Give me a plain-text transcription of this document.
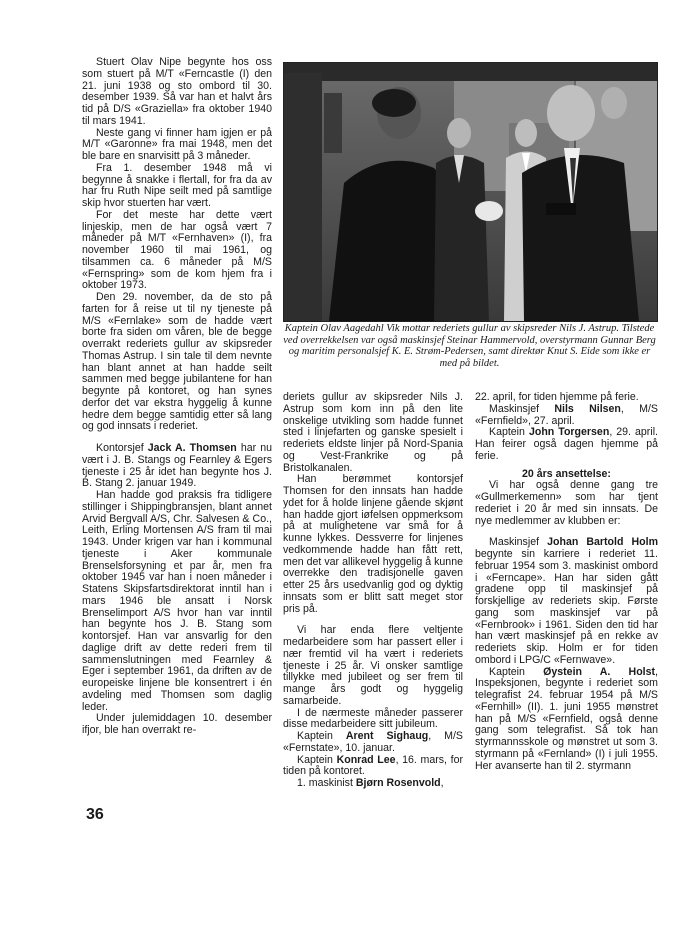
Stuert Olav Nipe begynte hos oss som stuert på M/T «Ferncastle (I) den 21. juni 1938 og sto ombord til 30. desember 1939. Så var han et halvt års tid på D/S «Graziella» fra oktober 1940 til mars 1941.

Neste gang vi finner ham igjen er på M/T «Garonne» fra mai 1948, men det ble bare en snarvisitt på 3 måneder.

Fra 1. desember 1948 må vi begynne å snakke i flertall, for fra da av har fru Ruth Nipe seilt med på samtlige skip hvor stuerten har vært.

For det meste har dette vært linjeskip, men de har også vært 7 måneder på M/T «Fernhaven» (I), fra november 1960 til mai 1961, og tilsammen ca. 6 måneder på M/S «Fernspring» som de kom hjem fra i oktober 1973.

Den 29. november, da de sto på farten for å reise ut til ny tjeneste på M/S «Fernlake» som de hadde vært borte fra siden om våren, ble de begge overrakt rederiets gullur av skipsreder Thomas Astrup. I sin tale til dem nevnte han blant annet at han hadde seilt sammen med begge jubilantene for han begynte på kontoret, og han synes derfor det var ekstra hyggelig å kunne hedre dem begge samtidig etter så lang og god innsats i rederiet.

Kontorsjef Jack A. Thomsen har nu vært i J. B. Stangs og Fearnley & Egers tjeneste i 25 år idet han begynte hos J. B. Stang 2. januar 1949.

Han hadde god praksis fra tidligere stillinger i Shippingbransjen, blant annet Arvid Bergvall A/S, Chr. Salvesen & Co., Leith, Erling Mortensen A/S fram til mai 1943. Under krigen var han i kommunal tjeneste i Aker kommunale Brenselsforsyning et par år, men fra oktober 1945 var han i noen måneder i Statens Skipsfartsdirektorat inntil han i mars 1946 ble ansatt i Norsk Brenselimport A/S hvor han var inntil han begynte hos J. B. Stang som kontorsjef. Han var ansvarlig for den daglige drift av dette rederi frem til sammenslutningen med Fearnley & Eger i september 1961, da driften av de europeiske linjene ble konsentrert i én avdeling med Thomsen som daglig leder.

Under julemiddagen 10. desember ifjor, ble han overrakt re-

Kaptein Olav Aagedahl Vik mottar rederiets gullur av skipsreder Nils J. Astrup. Tilstede ved overrekkelsen var også maskinsjef Steinar Hammervold, overstyrmann Gunnar Berg og maritim personalsjef K. E. Strøm-Pedersen, samt direktør Knut S. Eide som ikke er med på bildet.

deriets gullur av skipsreder Nils J. Astrup som kom inn på den lite onskelige utvikling som hadde funnet sted i linjefarten og ganske spesielt i rederiets eldste linjer på Nord-Spania og Vest-Frankrike og på Bristolkanalen.

Han berømmet kontorsjef Thomsen for den innsats han hadde ydet for å holde linjene gående skjønt han hadde gjort iøfelsen oppmerksom på at mulighetene var små for å kunne lykkes. Dessverre for linjenes vedkommende hadde han fått rett, men det var allikevel hyggelig å kunne overrekke den tradisjonelle gaven etter 25 års usedvanlig god og dyktig innsats som er blitt satt meget stor pris på.

Vi har enda flere veltjente medarbeidere som har passert eller i nær fremtid vil ha vært i rederiets tjeneste i 25 år. Vi onsker samtlige tillykke med jubileet og ser frem til mange års godt og hyggelig samarbeide.

I de nærmeste måneder passerer disse medarbeidere sitt jubileum.

Kaptein Arent Sighaug, M/S «Fernstate», 10. januar.

Kaptein Konrad Lee, 16. mars, for tiden på kontoret.

1. maskinist Bjørn Rosenvold,

22. april, for tiden hjemme på ferie.

Maskinsjef Nils Nilsen, M/S «Fernfield», 27. april.

Kaptein John Torgersen, 29. april. Han feirer også dagen hjemme på ferie.

20 års ansettelse:

Vi har også denne gang tre «Gullmerkemenn» som har tjent rederiet i 20 år med sin innsats. De nye medlemmer av klubben er:

Maskinsjef Johan Bartold Holm begynte sin karriere i rederiet 11. februar 1954 som 3. maskinist ombord i «Ferncape». Han har siden gått gradene opp til maskinsjef på forskjellige av rederiets skip. Første gang som maskinsjef var på «Fernbrook» i 1961. Siden den tid har han vært maskinsjef på en rekke av rederiets skip. Holm er for tiden ombord i LPG/C «Fernwave».

Kaptein Øystein A. Holst, Inspeksjonen, begynte i rederiet som telegrafist 24. februar 1954 på M/S «Fernhill» (II). 1. juni 1955 mønstret han på M/S «Fernfield, også denne gang som telegrafist. Så tok han styrmannsskole og mønstret ut som 3. styrmann på «Fernland» (I) i juli 1955. Her avanserte han til 2. styrmann

36
